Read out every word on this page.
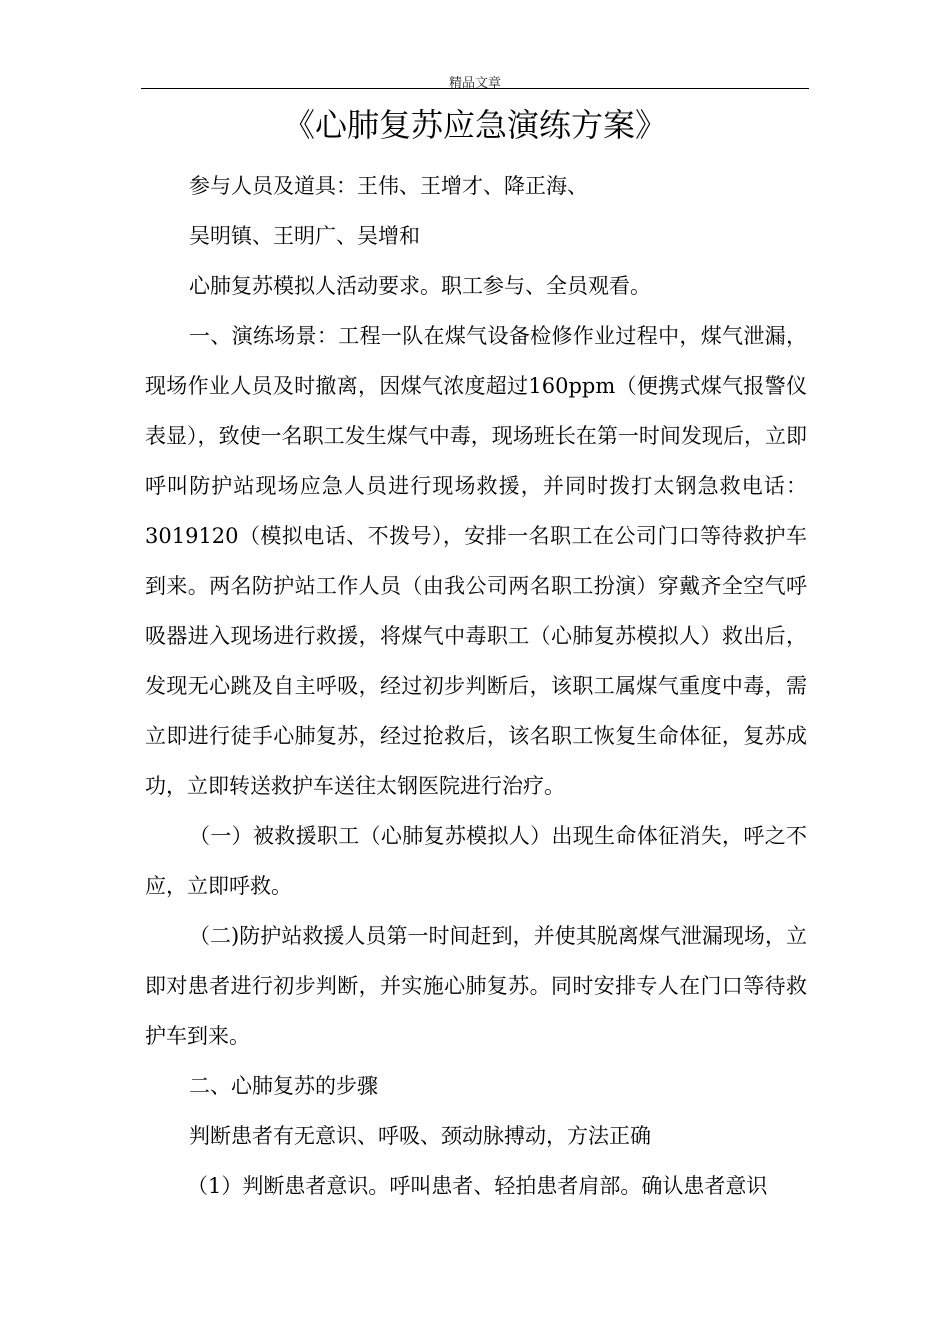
精品文章
《心肺复苏应急演练方案》

参与人员及道具：王伟、王增才、降正海、

吴明镇、王明广、吴增和

心肺复苏模拟人活动要求。职工参与、全员观看。

一、演练场景：工程一队在煤气设备检修作业过程中，煤气泄漏，现场作业人员及时撤离，因煤气浓度超过160ppm（便携式煤气报警仪表显），致使一名职工发生煤气中毒，现场班长在第一时间发现后，立即呼叫防护站现场应急人员进行现场救援，并同时拨打太钢急救电话：3019120（模拟电话、不拨号），安排一名职工在公司门口等待救护车到来。两名防护站工作人员（由我公司两名职工扮演）穿戴齐全空气呼吸器进入现场进行救援，将煤气中毒职工（心肺复苏模拟人）救出后，发现无心跳及自主呼吸，经过初步判断后，该职工属煤气重度中毒，需立即进行徒手心肺复苏，经过抢救后，该名职工恢复生命体征，复苏成功，立即转送救护车送往太钢医院进行治疗。

（一）被救援职工（心肺复苏模拟人）出现生命体征消失，呼之不应，立即呼救。

（二)防护站救援人员第一时间赶到，并使其脱离煤气泄漏现场，立即对患者进行初步判断，并实施心肺复苏。同时安排专人在门口等待救护车到来。

二、心肺复苏的步骤

判断患者有无意识、呼吸、颈动脉搏动，方法正确

（1）判断患者意识。呼叫患者、轻拍患者肩部。确认患者意识
